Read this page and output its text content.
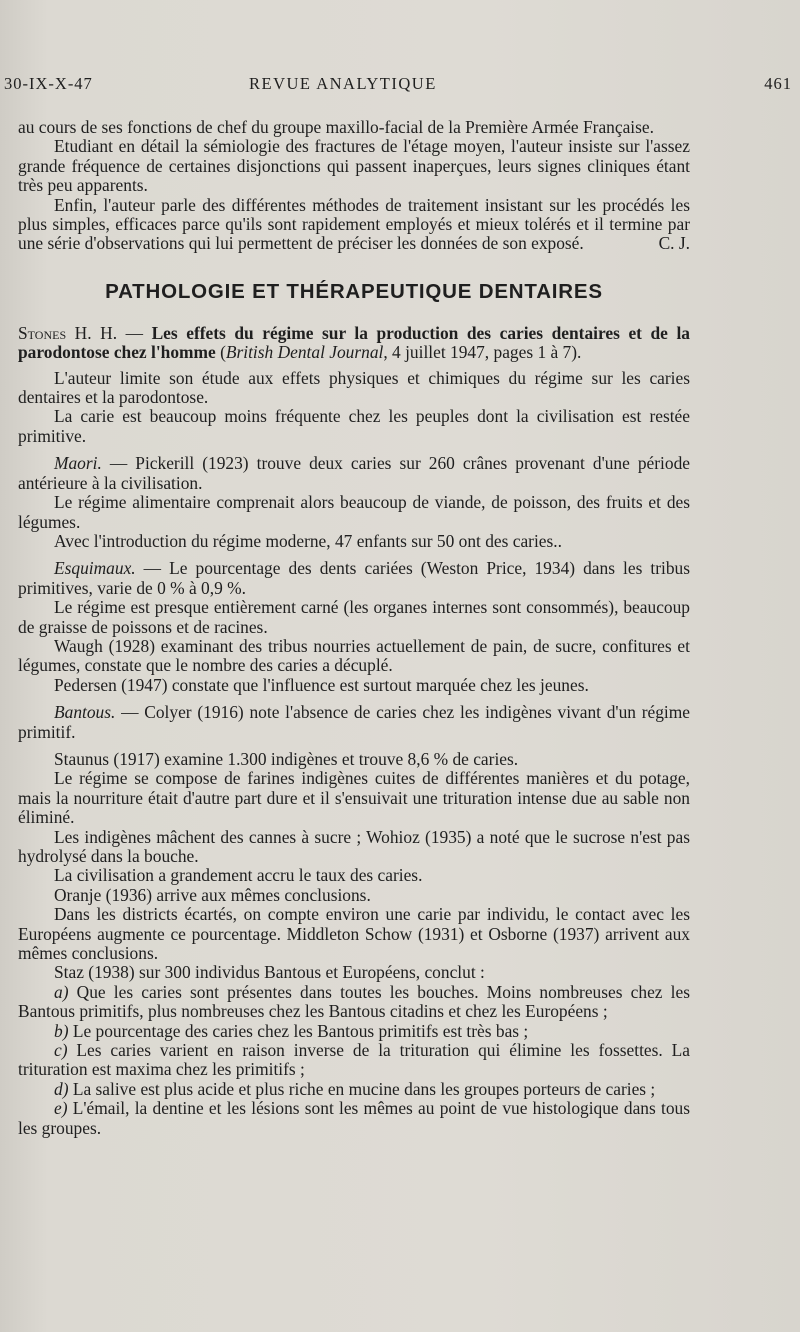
30-IX-X-47	REVUE ANALYTIQUE	461

au cours de ses fonctions de chef du groupe maxillo-facial de la Première Armée Française.

Etudiant en détail la sémiologie des fractures de l'étage moyen, l'auteur insiste sur l'assez grande fréquence de certaines disjonctions qui passent inaperçues, leurs signes cliniques étant très peu apparents.

Enfin, l'auteur parle des différentes méthodes de traitement insistant sur les procédés les plus simples, efficaces parce qu'ils sont rapidement employés et mieux tolérés et il termine par une série d'observations qui lui permettent de préciser les données de son exposé.	C. J.

PATHOLOGIE ET THÉRAPEUTIQUE DENTAIRES

Stones H. H. — Les effets du régime sur la production des caries dentaires et de la parodontose chez l'homme (British Dental Journal, 4 juillet 1947, pages 1 à 7).

L'auteur limite son étude aux effets physiques et chimiques du régime sur les caries dentaires et la parodontose.

La carie est beaucoup moins fréquente chez les peuples dont la civilisation est restée primitive.

Maori. — Pickerill (1923) trouve deux caries sur 260 crânes provenant d'une période antérieure à la civilisation.

Le régime alimentaire comprenait alors beaucoup de viande, de poisson, des fruits et des légumes.

Avec l'introduction du régime moderne, 47 enfants sur 50 ont des caries..

Esquimaux. — Le pourcentage des dents cariées (Weston Price, 1934) dans les tribus primitives, varie de 0 % à 0,9 %.

Le régime est presque entièrement carné (les organes internes sont consommés), beaucoup de graisse de poissons et de racines.

Waugh (1928) examinant des tribus nourries actuellement de pain, de sucre, confitures et légumes, constate que le nombre des caries a décuplé.

Pedersen (1947) constate que l'influence est surtout marquée chez les jeunes.

Bantous. — Colyer (1916) note l'absence de caries chez les indigènes vivant d'un régime primitif.

Staunus (1917) examine 1.300 indigènes et trouve 8,6 % de caries.

Le régime se compose de farines indigènes cuites de différentes manières et du potage, mais la nourriture était d'autre part dure et il s'ensuivait une trituration intense due au sable non éliminé.

Les indigènes mâchent des cannes à sucre ; Wohioz (1935) a noté que le sucrose n'est pas hydrolysé dans la bouche.

La civilisation a grandement accru le taux des caries.

Oranje (1936) arrive aux mêmes conclusions.

Dans les districts écartés, on compte environ une carie par individu, le contact avec les Européens augmente ce pourcentage. Middleton Schow (1931) et Osborne (1937) arrivent aux mêmes conclusions.

Staz (1938) sur 300 individus Bantous et Européens, conclut :

a) Que les caries sont présentes dans toutes les bouches. Moins nombreuses chez les Bantous primitifs, plus nombreuses chez les Bantous citadins et chez les Européens ;

b) Le pourcentage des caries chez les Bantous primitifs est très bas ;

c) Les caries varient en raison inverse de la trituration qui élimine les fossettes. La trituration est maxima chez les primitifs ;

d) La salive est plus acide et plus riche en mucine dans les groupes porteurs de caries ;

e) L'émail, la dentine et les lésions sont les mêmes au point de vue histologique dans tous les groupes.
